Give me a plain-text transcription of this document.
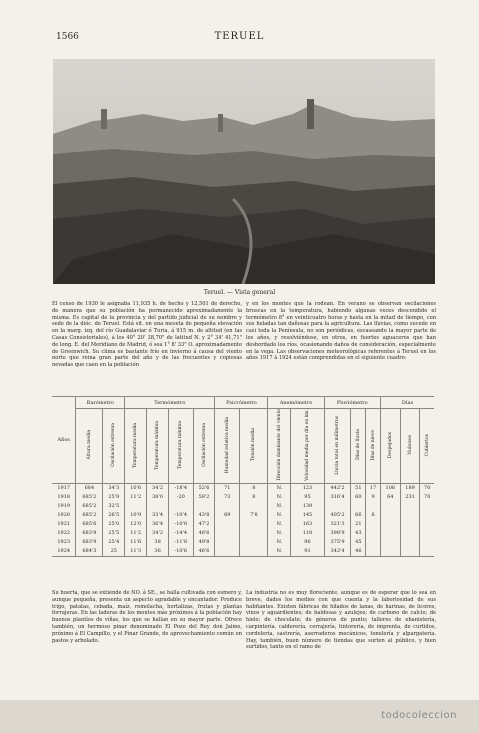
1566	TERUEL
Teruel. — Vista general
El censo de 1930 le asignaba 11,935 h. de hecho y 12,501 de derecho, de manera que su población ha permanecido aproximadamente la misma. Es capital de la provincia y del partido judicial de su nombre y sede de la dióc. de Teruel. Está sit. en una meseta de pequeña elevación en la marg. izq. del río Guadalaviar ó Turia, á 915 m. de altitud (en las Casas Consistoriales), á los 40° 20' 38,70" de latitud N. y 2° 34' 41,71" de long. E. del Meridiano de Madrid, ó sea 1° 8' 33" O. aproximadamente de Greenwich. Su clima es bastante frío en invierno á causa del viento norte que reina gran parte del año y de las frecuentes y copiosas nevadas que caen en la población
y en los montes que la rodean. En verano se observan oscilaciones bruscas en la temperatura, habiendo algunas veces descendido el termómetro 8° en veinticuatro horas y hasta en la mitad de tiempo, con sus heladas tan dañosas para la agricultura. Las lluvias, como sucede en casi toda la Península, no son periódicas, escaseando la mayor parte de los años, y resolviéndose, en otros, en fuertes aguaceros que han desbordado los ríos, ocasionando daños de consideración, especialmente en la vega. Las observaciones meteorológicas referentes á Teruel en los años 1917 á 1924 están comprendidas en el siguiente cuadro:
Años	Barómetro		Termómetro				Psicrómetro		Anemómetro		Pluviómetro			Días		
	Altura media	Oscilación extrema	Temperatura media	Temperatura máxima	Temperatura mínima	Oscilación extrema	Humedad relativa media	Tensión media	Dirección dominante del viento	Velocidad media por día en km.	Lluvia total en milímetros	Días de lluvia	Días de nieve	Despejados	Nubosos	Cubiertos
1917	684	34'3	10'6	34'2	-18'4	52'6	71	8	N.	123	442'2	51	17	106	189	70
1918	685'2	25'9	11'2	38'0	-20	58'2	73	8	N.	95	316'4	60	9	64	231	70
1919	685'2	32'5							N.	139						
1920	685'2	26'5	10'9	33'4	-10'4	43'8	69	7'8	N.	145	405'2	66	6			
1921	685'6	25'0	12'0	36'4	-10'8	47'2			N.	163	321'3	21				
1922	683'9	25'5	11'2	34'2	-14'4	48'6			N.	118	398'9	43				
1923	683'9	25'4	11'6	38	-11'8	49'8			N.	96	375'9	45				
1924	684'3	25	11'3	36	-10'6	46'6			N.	91	342'4	46				
Su huerta, que se extiende de NO. á SE., se halla cultivada con esmero y, aunque pequeña, presenta un aspecto agradable y encantador. Produce trigo, patatas, cebada, maíz, remolacha, hortalizas, frutas y plantas forrajeras. En las laderas de los montes más próximos á la población hay buenos plantíos de viñas, los que se hallan en su mayor parte. Ofrece también, un hermoso pinar denominado El Pozo del Rey don Jaime, próximo á El Campillo, y el Pinar Grande, de aprovechamiento común en pastos y arbolado.
La industria no es muy floreciente, aunque es de esperar que lo sea en breve, dados los medios con que cuenta y la laboriosidad de sus habitantes. Existen fábricas de hilados de lanas, de harinas, de licores, vinos y aguardientes; de baldosas y azulejos; de carbono de calcio; de hielo; de chocolate; de géneros de punto; talleres de ebanistería, carpintería, calderería, cerrajería, tintorería, de imprenta, de curtidos, cordelería, sastrería, aserraderos mecánicos, tonelería y alpargatería. Hay, también, buen número de tiendas que surten al público, y bien surtidos, tanto en el ramo de
todocoleccion
